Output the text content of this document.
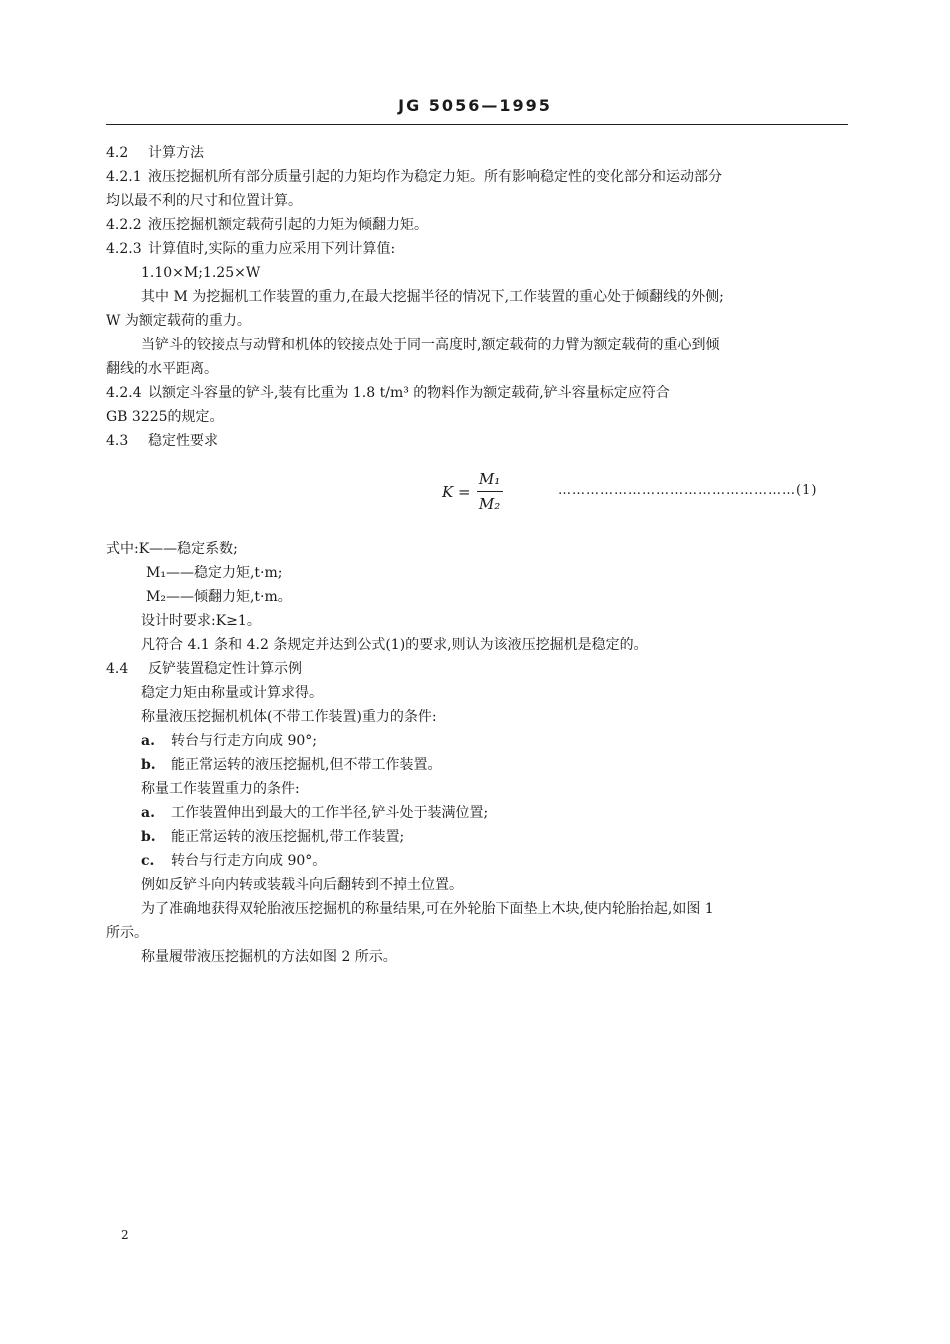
JG 5056—1995

4.2 计算方法

4.2.1 液压挖掘机所有部分质量引起的力矩均作为稳定力矩。所有影响稳定性的变化部分和运动部分

均以最不利的尺寸和位置计算。

4.2.2 液压挖掘机额定载荷引起的力矩为倾翻力矩。

4.2.3 计算值时,实际的重力应采用下列计算值:

1.10×M;1.25×W

其中 M 为挖掘机工作装置的重力,在最大挖掘半径的情况下,工作装置的重心处于倾翻线的外侧;

W 为额定载荷的重力。

当铲斗的铰接点与动臂和机体的铰接点处于同一高度时,额定载荷的力臂为额定载荷的重心到倾

翻线的水平距离。

4.2.4 以额定斗容量的铲斗,装有比重为 1.8 t/m³ 的物料作为额定载荷,铲斗容量标定应符合

GB 3225的规定。

4.3 稳定性要求

$K = \frac{\text{M₁}}{\text{M₂}}$	……………………………………………(1)

式中:K——稳定系数;

M₁——稳定力矩,t·m;

M₂——倾翻力矩,t·m。

设计时要求:K≥1。

凡符合 4.1 条和 4.2 条规定并达到公式(1)的要求,则认为该液压挖掘机是稳定的。

4.4 反铲装置稳定性计算示例

稳定力矩由称量或计算求得。

称量液压挖掘机机体(不带工作装置)重力的条件:

a. 转台与行走方向成 90°;

b. 能正常运转的液压挖掘机,但不带工作装置。

称量工作装置重力的条件:

a. 工作装置伸出到最大的工作半径,铲斗处于装满位置;

b. 能正常运转的液压挖掘机,带工作装置;

c. 转台与行走方向成 90°。

例如反铲斗向内转或装载斗向后翻转到不掉土位置。

为了准确地获得双轮胎液压挖掘机的称量结果,可在外轮胎下面垫上木块,使内轮胎抬起,如图 1

所示。

称量履带液压挖掘机的方法如图 2 所示。

2
